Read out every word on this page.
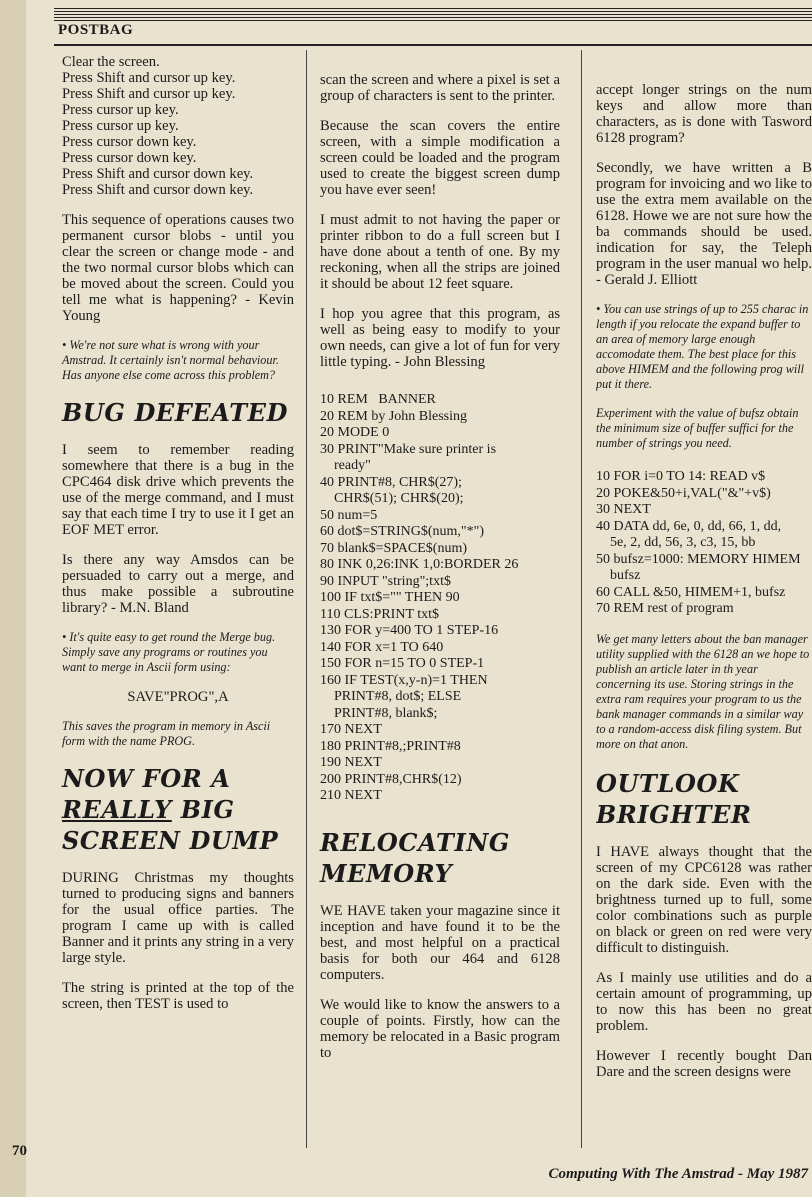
POSTBAG
Clear the screen.
Press Shift and cursor up key.
Press Shift and cursor up key.
Press cursor up key.
Press cursor up key.
Press cursor down key.
Press cursor down key.
Press Shift and cursor down key.
Press Shift and cursor down key.

This sequence of operations causes two permanent cursor blobs - until you clear the screen or change mode - and the two normal cursor blobs which can be moved about the screen. Could you tell me what is happening? - Kevin Young

• We're not sure what is wrong with your Amstrad. It certainly isn't normal behaviour. Has anyone else come across this problem?
BUG DEFEATED

I seem to remember reading somewhere that there is a bug in the CPC464 disk drive which prevents the use of the merge command, and I must say that each time I try to use it I get an EOF MET error.

Is there any way Amsdos can be persuaded to carry out a merge, and thus make possible a subroutine library? - M.N. Bland

• It's quite easy to get round the Merge bug. Simply save any programs or routines you want to merge in Ascii form using:
SAVE"PROG",A
This saves the program in memory in Ascii form with the name PROG.
NOW FOR A
REALLY BIG
SCREEN DUMP

DURING Christmas my thoughts turned to producing signs and banners for the usual office parties. The program I came up with is called Banner and it prints any string in a very large style.

The string is printed at the top of the screen, then TEST is used to

scan the screen and where a pixel is set a group of characters is sent to the printer.

Because the scan covers the entire screen, with a simple modification a screen could be loaded and the program used to create the biggest screen dump you have ever seen!

I must admit to not having the paper or printer ribbon to do a full screen but I have done about a tenth of one. By my reckoning, when all the strips are joined it should be about 12 feet square.

I hop you agree that this program, as well as being easy to modify to your own needs, can give a lot of fun for very little typing. - John Blessing

10 REM   BANNER
20 REM by John Blessing
20 MODE 0
30 PRINT"Make sure printer is
ready"
40 PRINT#8, CHR$(27);
CHR$(51); CHR$(20);
50 num=5
60 dot$=STRING$(num,"*")
70 blank$=SPACE$(num)
80 INK 0,26:INK 1,0:BORDER 26
90 INPUT "string";txt$
100 IF txt$="" THEN 90
110 CLS:PRINT txt$
130 FOR y=400 TO 1 STEP-16
140 FOR x=1 TO 640
150 FOR n=15 TO 0 STEP-1
160 IF TEST(x,y-n)=1 THEN
PRINT#8, dot$; ELSE
PRINT#8, blank$;
170 NEXT
180 PRINT#8,;PRINT#8
190 NEXT
200 PRINT#8,CHR$(12)
210 NEXT
RELOCATING
MEMORY

WE HAVE taken your magazine since it inception and have found it to be the best, and most helpful on a practical basis for both our 464 and 6128 computers.

We would like to know the answers to a couple of points. Firstly, how can the memory be relocated in a Basic program to

accept longer strings on the num keys and allow more than characters, as is done with Tasword 6128 program?

Secondly, we have written a B program for invoicing and wo like to use the extra mem available on the 6128. Howe we are not sure how the ba commands should be used. indication for say, the Teleph program in the user manual wo help. - Gerald J. Elliott

• You can use strings of up to 255 charac in length if you relocate the expand buffer to an area of memory large enough accomodate them. The best place for this above HIMEM and the following prog will put it there.
Experiment with the value of bufsz obtain the minimum size of buffer suffici for the number of strings you need.
10 FOR i=0 TO 14: READ v$
20 POKE&50+i,VAL("&"+v$)
30 NEXT
40 DATA dd, 6e, 0, dd, 66, 1, dd,
5e, 2, dd, 56, 3, c3, 15, bb
50 bufsz=1000: MEMORY HIMEM
bufsz
60 CALL &50, HIMEM+1, bufsz
70 REM rest of program
We get many letters about the ban manager utility supplied with the 6128 an we hope to publish an article later in th year concerning its use. Storing strings in the extra ram requires your program to us the bank manager commands in a similar way to a random-access disk filing system. But more on that anon.
OUTLOOK
BRIGHTER

I HAVE always thought that the screen of my CPC6128 was rather on the dark side. Even with the brightness turned up to full, some color combinations such as purple on black or green on red were very difficult to distinguish.

As I mainly use utilities and do a certain amount of programming, up to now this has been no great problem.

However I recently bought Dan Dare and the screen designs were

70
Computing With The Amstrad - May 1987
